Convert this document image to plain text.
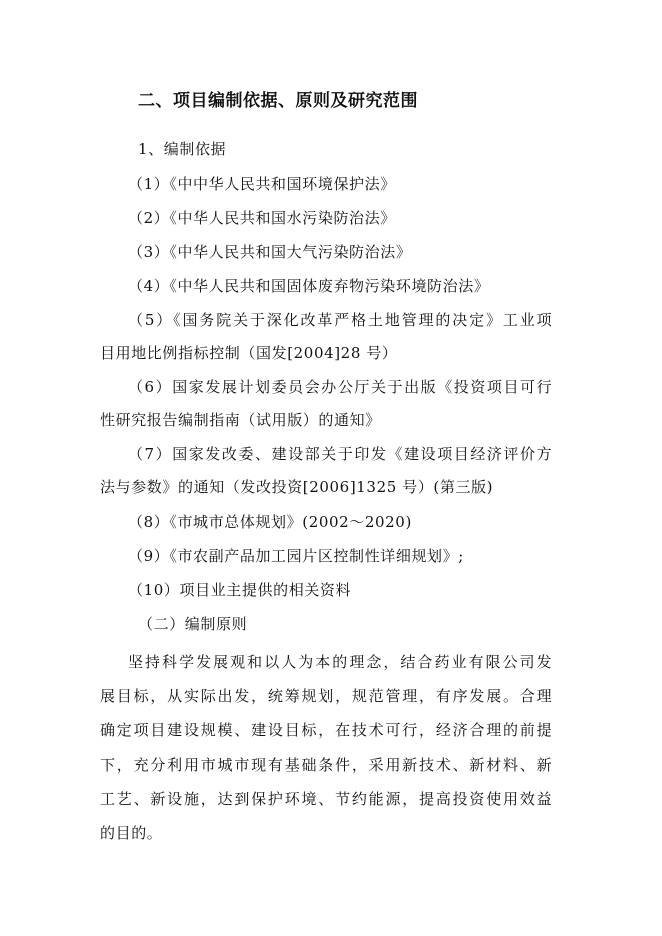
二、项目编制依据、原则及研究范围
1、编制依据
（1）《中中华人民共和国环境保护法》
（2）《中华人民共和国水污染防治法》
（3）《中华人民共和国大气污染防治法》
（4）《中华人民共和国固体废弃物污染环境防治法》
（5）《国务院关于深化改革严格土地管理的决定》工业项
目用地比例指标控制（国发[2004]28 号）
（6）国家发展计划委员会办公厅关于出版《投资项目可行
性研究报告编制指南（试用版）的通知》
（7）国家发改委、建设部关于印发《建设项目经济评价方
法与参数》的通知（发改投资[2006]1325 号）(第三版)
（8）《市城市总体规划》(2002～2020)
（9）《市农副产品加工园片区控制性详细规划》;
（10）项目业主提供的相关资料
（二）编制原则
坚持科学发展观和以人为本的理念，结合药业有限公司发
展目标，从实际出发，统筹规划，规范管理，有序发展。合理
确定项目建设规模、建设目标，在技术可行，经济合理的前提
下，充分利用市城市现有基础条件，采用新技术、新材料、新
工艺、新设施，达到保护环境、节约能源，提高投资使用效益
的目的。
